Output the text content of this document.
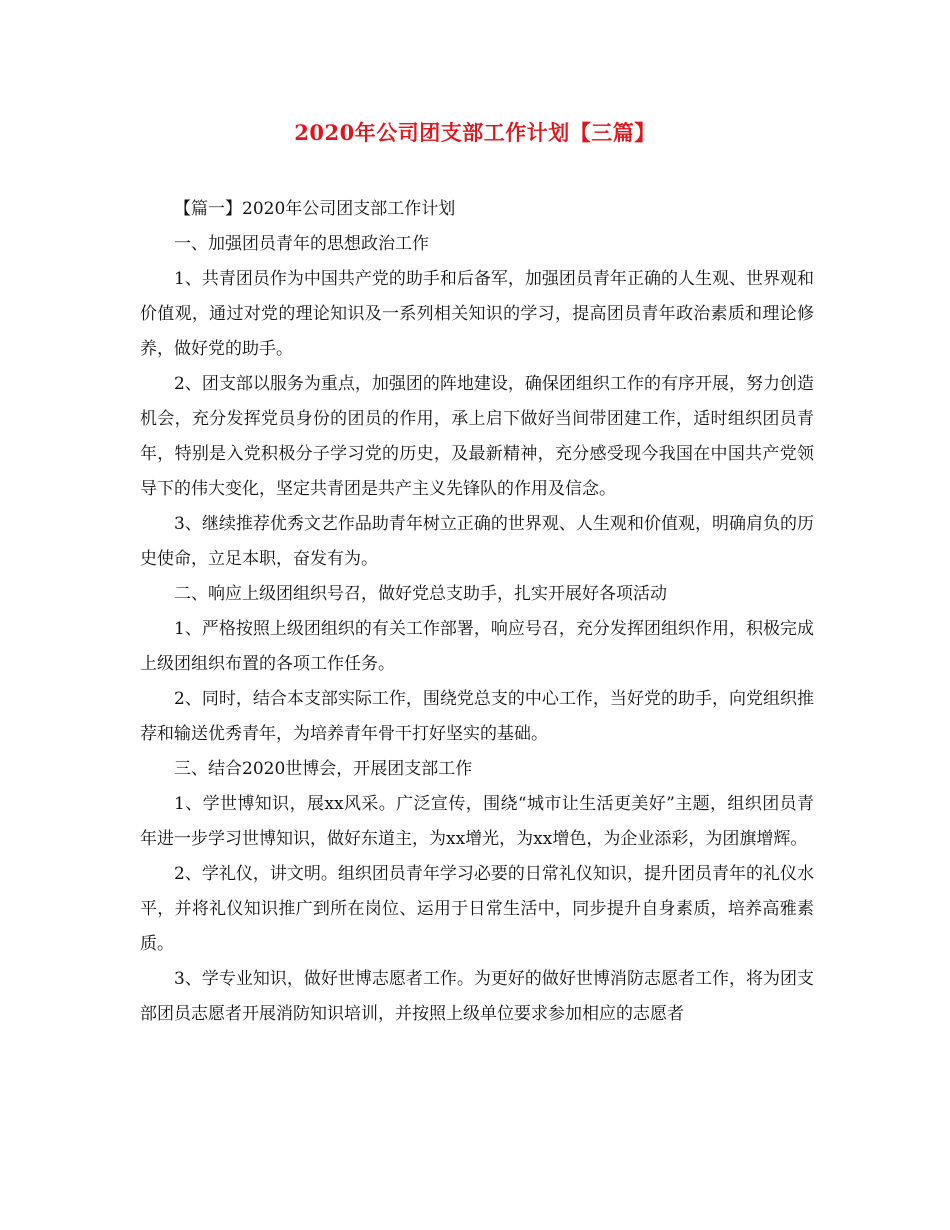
2020年公司团支部工作计划【三篇】

【篇一】2020年公司团支部工作计划

一、加强团员青年的思想政治工作

1、共青团员作为中国共产党的助手和后备军，加强团员青年正确的人生观、世界观和价值观，通过对党的理论知识及一系列相关知识的学习，提高团员青年政治素质和理论修养，做好党的助手。

2、团支部以服务为重点，加强团的阵地建设，确保团组织工作的有序开展，努力创造机会，充分发挥党员身份的团员的作用，承上启下做好当间带团建工作，适时组织团员青年，特别是入党积极分子学习党的历史，及最新精神，充分感受现今我国在中国共产党领导下的伟大变化，坚定共青团是共产主义先锋队的作用及信念。

3、继续推荐优秀文艺作品助青年树立正确的世界观、人生观和价值观，明确肩负的历史使命，立足本职，奋发有为。

二、响应上级团组织号召，做好党总支助手，扎实开展好各项活动

1、严格按照上级团组织的有关工作部署，响应号召，充分发挥团组织作用，积极完成上级团组织布置的各项工作任务。

2、同时，结合本支部实际工作，围绕党总支的中心工作，当好党的助手，向党组织推荐和输送优秀青年，为培养青年骨干打好坚实的基础。

三、结合2020世博会，开展团支部工作

1、学世博知识，展xx风采。广泛宣传，围绕“城市让生活更美好”主题，组织团员青年进一步学习世博知识，做好东道主，为xx增光，为xx增色，为企业添彩，为团旗增辉。

2、学礼仪，讲文明。组织团员青年学习必要的日常礼仪知识，提升团员青年的礼仪水平，并将礼仪知识推广到所在岗位、运用于日常生活中，同步提升自身素质，培养高雅素质。

3、学专业知识，做好世博志愿者工作。为更好的做好世博消防志愿者工作，将为团支部团员志愿者开展消防知识培训，并按照上级单位要求参加相应的志愿者
